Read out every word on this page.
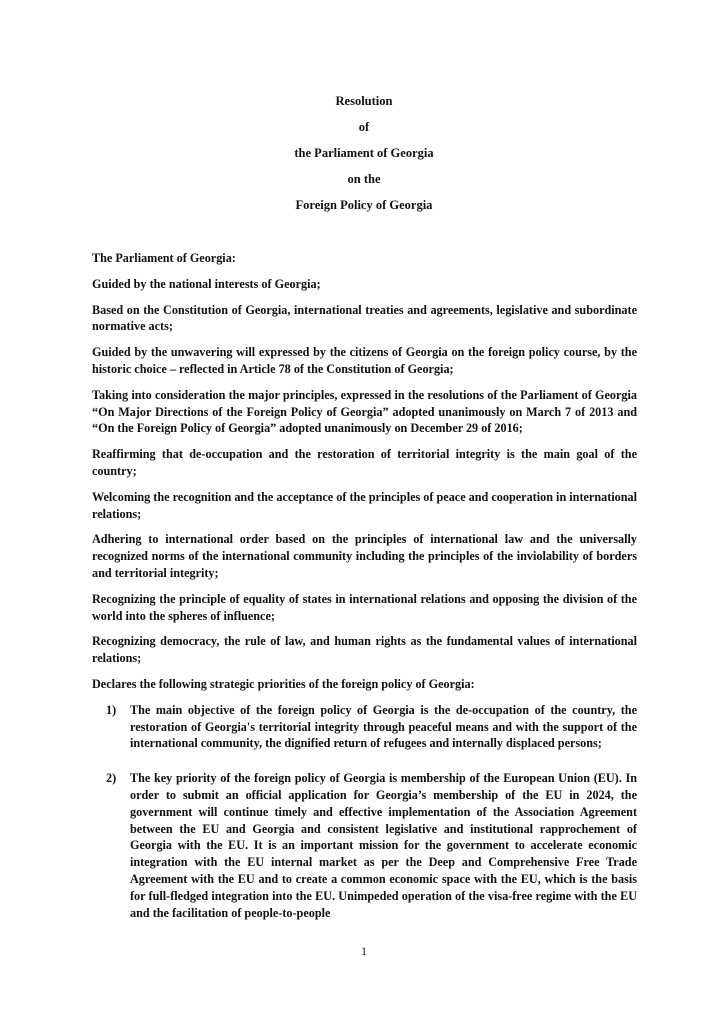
Resolution
of
the Parliament of Georgia
on the
Foreign Policy of Georgia

The Parliament of Georgia:

Guided by the national interests of Georgia;

Based on the Constitution of Georgia, international treaties and agreements, legislative and subordinate normative acts;

Guided by the unwavering will expressed by the citizens of Georgia on the foreign policy course, by the historic choice – reflected in Article 78 of the Constitution of Georgia;

Taking into consideration the major principles, expressed in the resolutions of the Parliament of Georgia “On Major Directions of the Foreign Policy of Georgia” adopted unanimously on March 7 of 2013 and “On the Foreign Policy of Georgia” adopted unanimously on December 29 of 2016;

Reaffirming that de-occupation and the restoration of territorial integrity is the main goal of the country;

Welcoming the recognition and the acceptance of the principles of peace and cooperation in international relations;

Adhering to international order based on the principles of international law and the universally recognized norms of the international community including the principles of the inviolability of borders and territorial integrity;

Recognizing the principle of equality of states in international relations and opposing the division of the world into the spheres of influence;

Recognizing democracy, the rule of law, and human rights as the fundamental values of international relations;

Declares the following strategic priorities of the foreign policy of Georgia:

1) The main objective of the foreign policy of Georgia is the de-occupation of the country, the restoration of Georgia's territorial integrity through peaceful means and with the support of the international community, the dignified return of refugees and internally displaced persons;
2) The key priority of the foreign policy of Georgia is membership of the European Union (EU). In order to submit an official application for Georgia’s membership of the EU in 2024, the government will continue timely and effective implementation of the Association Agreement between the EU and Georgia and consistent legislative and institutional rapprochement of Georgia with the EU. It is an important mission for the government to accelerate economic integration with the EU internal market as per the Deep and Comprehensive Free Trade Agreement with the EU and to create a common economic space with the EU, which is the basis for full-fledged integration into the EU. Unimpeded operation of the visa-free regime with the EU and the facilitation of people-to-people
1
